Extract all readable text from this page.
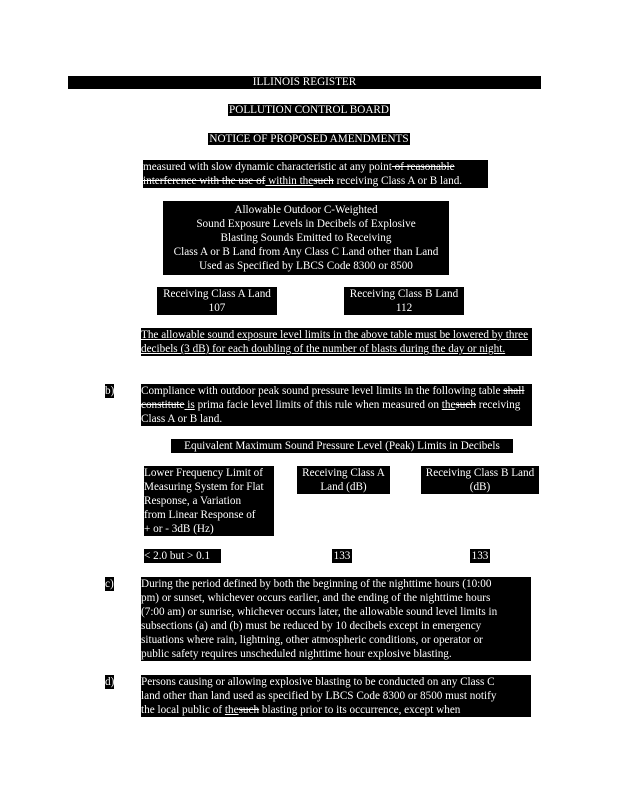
ILLINOIS REGISTER
POLLUTION CONTROL BOARD
NOTICE OF PROPOSED AMENDMENTS
measured with slow dynamic characteristic at any point of reasonable interference with the use of within thesuch receiving Class A or B land.
Allowable Outdoor C-Weighted
Sound Exposure Levels in Decibels of Explosive
Blasting Sounds Emitted to Receiving
Class A or B Land from Any Class C Land other than Land
Used as Specified by LBCS Code 8300 or 8500
Receiving Class A Land
107
Receiving Class B Land
112
The allowable sound exposure level limits in the above table must be lowered by three decibels (3 dB) for each doubling of the number of blasts during the day or night.
b) Compliance with outdoor peak sound pressure level limits in the following table shall constitute is prima facie level limits of this rule when measured on thesuch receiving Class A or B land.
Equivalent Maximum Sound Pressure Level (Peak) Limits in Decibels
Lower Frequency Limit of
Measuring System for Flat
Response, a Variation
from Linear Response of
+ or - 3dB (Hz)
Receiving Class A
Land (dB)
Receiving Class B Land
(dB)
< 2.0 but > 0.1	133	133
c) During the period defined by both the beginning of the nighttime hours (10:00
pm) or sunset, whichever occurs earlier, and the ending of the nighttime hours
(7:00 am) or sunrise, whichever occurs later, the allowable sound level limits in
subsections (a) and (b) must be reduced by 10 decibels except in emergency
situations where rain, lightning, other atmospheric conditions, or operator or
public safety requires unscheduled nighttime hour explosive blasting.
d) Persons causing or allowing explosive blasting to be conducted on any Class C
land other than land used as specified by LBCS Code 8300 or 8500 must notify
the local public of thesuch blasting prior to its occurrence, except when
